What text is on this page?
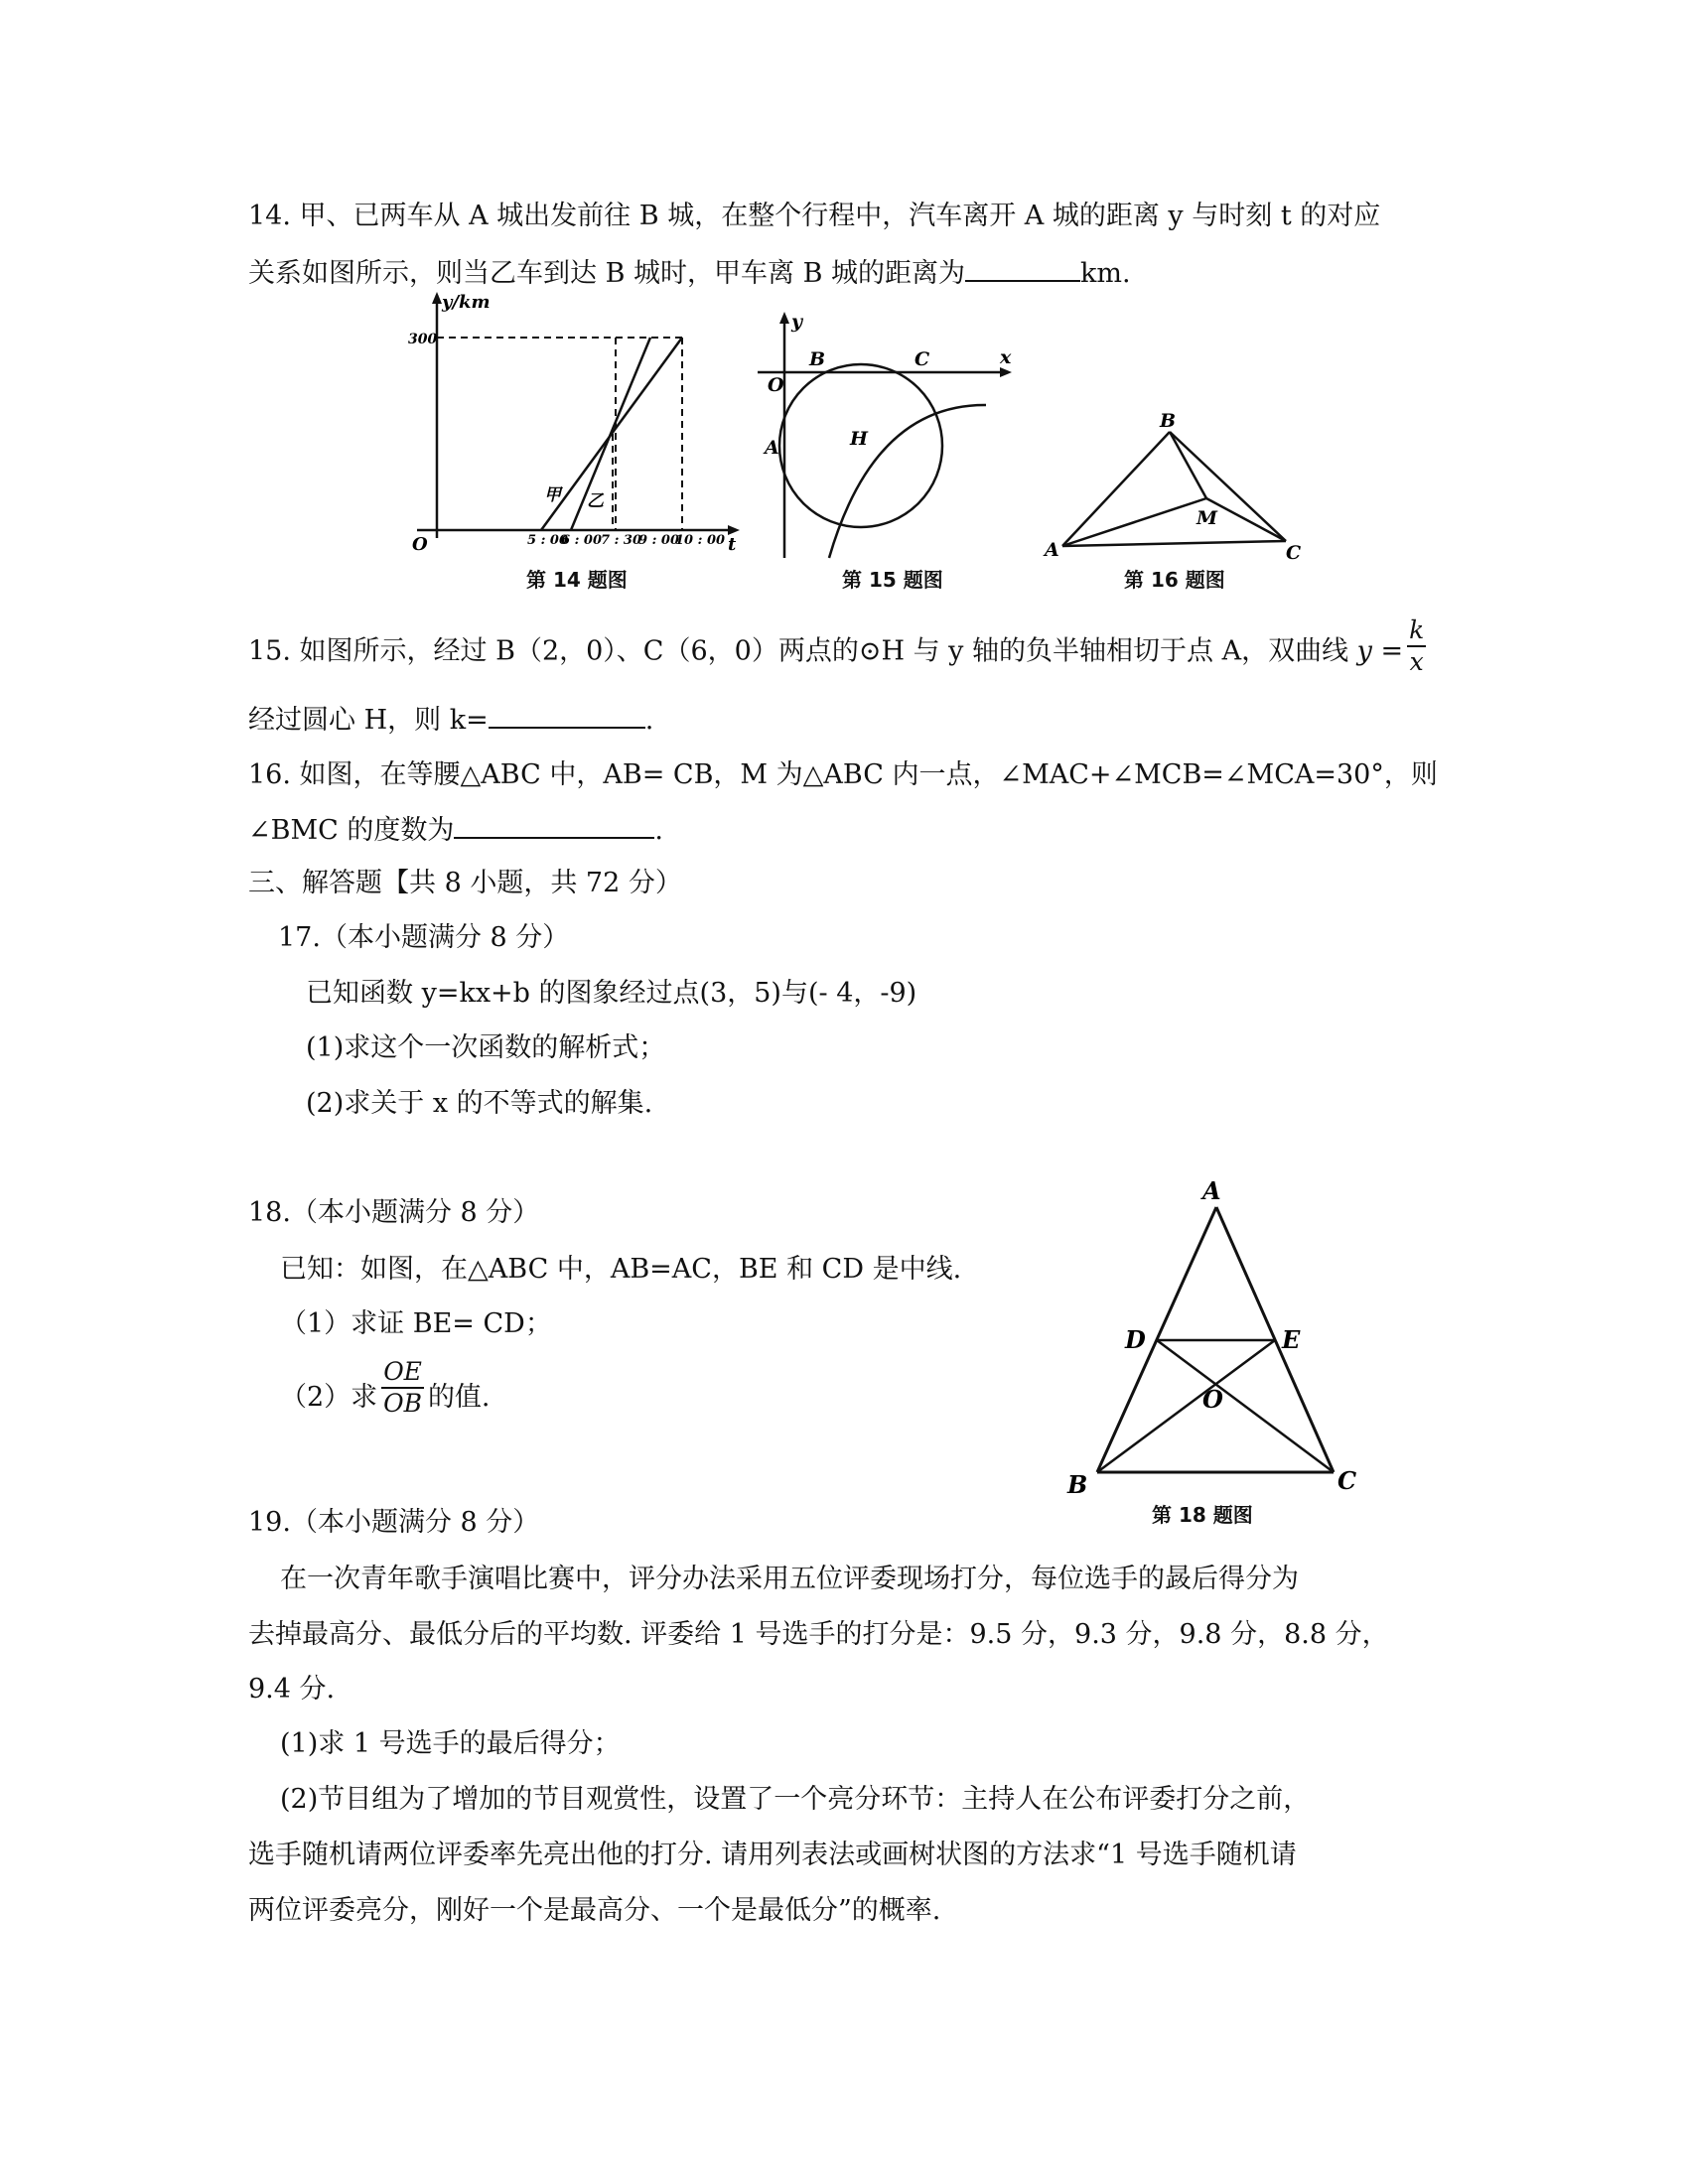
14. 甲、已两车从 A 城出发前往 B 城，在整个行程中，汽车离开 A 城的距离 y 与时刻 t 的对应
关系如图所示，则当乙车到达 B 城时，甲车离 B 城的距离为	km.
y/km
t
O
300
5 : 00
6 : 00 7 : 30
9 : 00
10 : 00
甲 乙
第 14 题图
y
x
O
B	C
A	H
第 15 题图
B
M
A	C
第 16 题图
15. 如图所示，经过 B（2，0）、C（6，0）两点的⊙H 与 y 轴的负半轴相切于点 A，双曲线 $y = \frac{k}{x}$
经过圆心 H，则 k=	.
16. 如图，在等腰△ABC 中，AB= CB，M 为△ABC 内一点，∠MAC+∠MCB=∠MCA=30°，则
∠BMC 的度数为	.
三、解答题【共 8 小题，共 72 分）
17.（本小题满分 8 分）
已知函数 y=kx+b 的图象经过点(3，5)与(- 4，-9)
(1)求这个一次函数的解析式；
(2)求关于 x 的不等式的解集.
18.（本小题满分 8 分）
已知：如图，在△ABC 中，AB=AC，BE 和 CD 是中线.
（1）求证 BE= CD；
（2）求 $\frac{OE}{OB}$ 的值.
A
D	E
O
B	C
第 18 题图
19.（本小题满分 8 分）
在一次青年歌手演唱比赛中，评分办法采用五位评委现场打分，每位选手的晸后得分为
去掉最高分、最低分后的平均数. 评委给 1 号选手的打分是：9.5 分，9.3 分，9.8 分，8.8 分，
9.4 分.
(1)求 1 号选手的最后得分；
(2)节目组为了增加的节目观赏性，设置了一个亮分环节：主持人在公布评委打分之前，
选手随机请两位评委率先亮出他的打分. 请用列表法或画树状图的方法求“1 号选手随机请
两位评委亮分，刚好一个是最高分、一个是最低分”的概率.
